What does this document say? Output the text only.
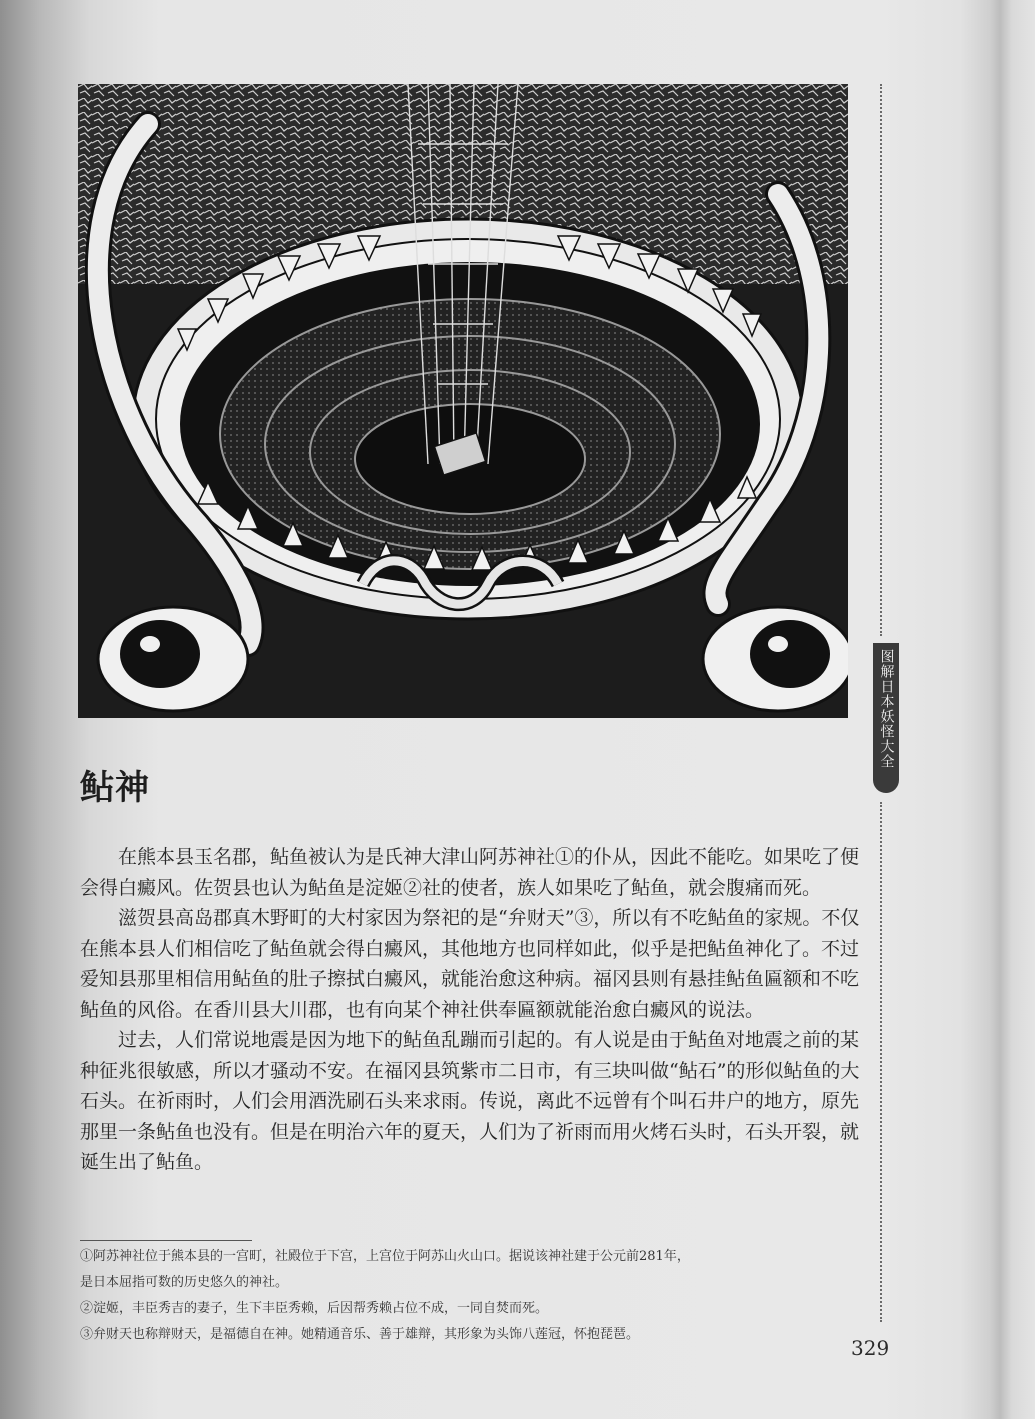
鲇神

在熊本县玉名郡，鲇鱼被认为是氏神大津山阿苏神社①的仆从，因此不能吃。如果吃了便会得白癜风。佐贺县也认为鲇鱼是淀姬②社的使者，族人如果吃了鲇鱼，就会腹痛而死。

滋贺县高岛郡真木野町的大村家因为祭祀的是“弁财天”③，所以有不吃鲇鱼的家规。不仅在熊本县人们相信吃了鲇鱼就会得白癜风，其他地方也同样如此，似乎是把鲇鱼神化了。不过爱知县那里相信用鲇鱼的肚子擦拭白癜风，就能治愈这种病。福冈县则有悬挂鲇鱼匾额和不吃鲇鱼的风俗。在香川县大川郡，也有向某个神社供奉匾额就能治愈白癜风的说法。

过去，人们常说地震是因为地下的鲇鱼乱蹦而引起的。有人说是由于鲇鱼对地震之前的某种征兆很敏感，所以才骚动不安。在福冈县筑紫市二日市，有三块叫做“鲇石”的形似鲇鱼的大石头。在祈雨时，人们会用酒洗刷石头来求雨。传说，离此不远曾有个叫石井户的地方，原先那里一条鲇鱼也没有。但是在明治六年的夏天，人们为了祈雨而用火烤石头时，石头开裂，就诞生出了鲇鱼。

①阿苏神社位于熊本县的一宫町，社殿位于下宫，上宫位于阿苏山火山口。据说该神社建于公元前281年，
是日本屈指可数的历史悠久的神社。
②淀姬，丰臣秀吉的妻子，生下丰臣秀赖，后因帮秀赖占位不成，一同自焚而死。
③弁财天也称辩财天，是福德自在神。她精通音乐、善于雄辩，其形象为头饰八莲冠，怀抱琵琶。
图解日本妖怪大全
329
